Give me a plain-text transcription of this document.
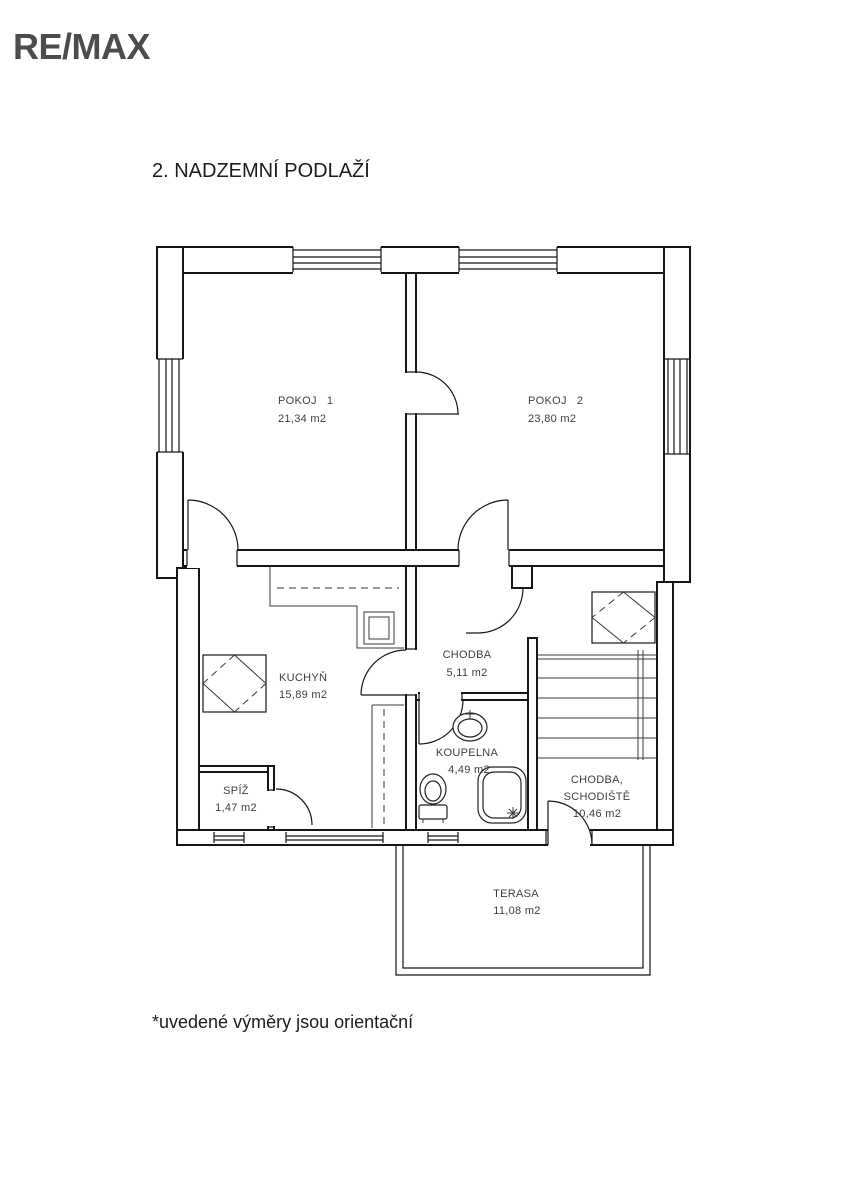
RE/MAX
2. NADZEMNÍ PODLAŽÍ
*uvedené výměry jsou orientační
POKOJ   1
21,34 m2
POKOJ   2
23,80 m2
KUCHYŇ
15,89 m2
CHODBA
5,11 m2
KOUPELNA
4,49 m2
CHODBA,
SCHODIŠTĚ
10,46 m2
SPÍŽ
1,47 m2
TERASA
11,08 m2
